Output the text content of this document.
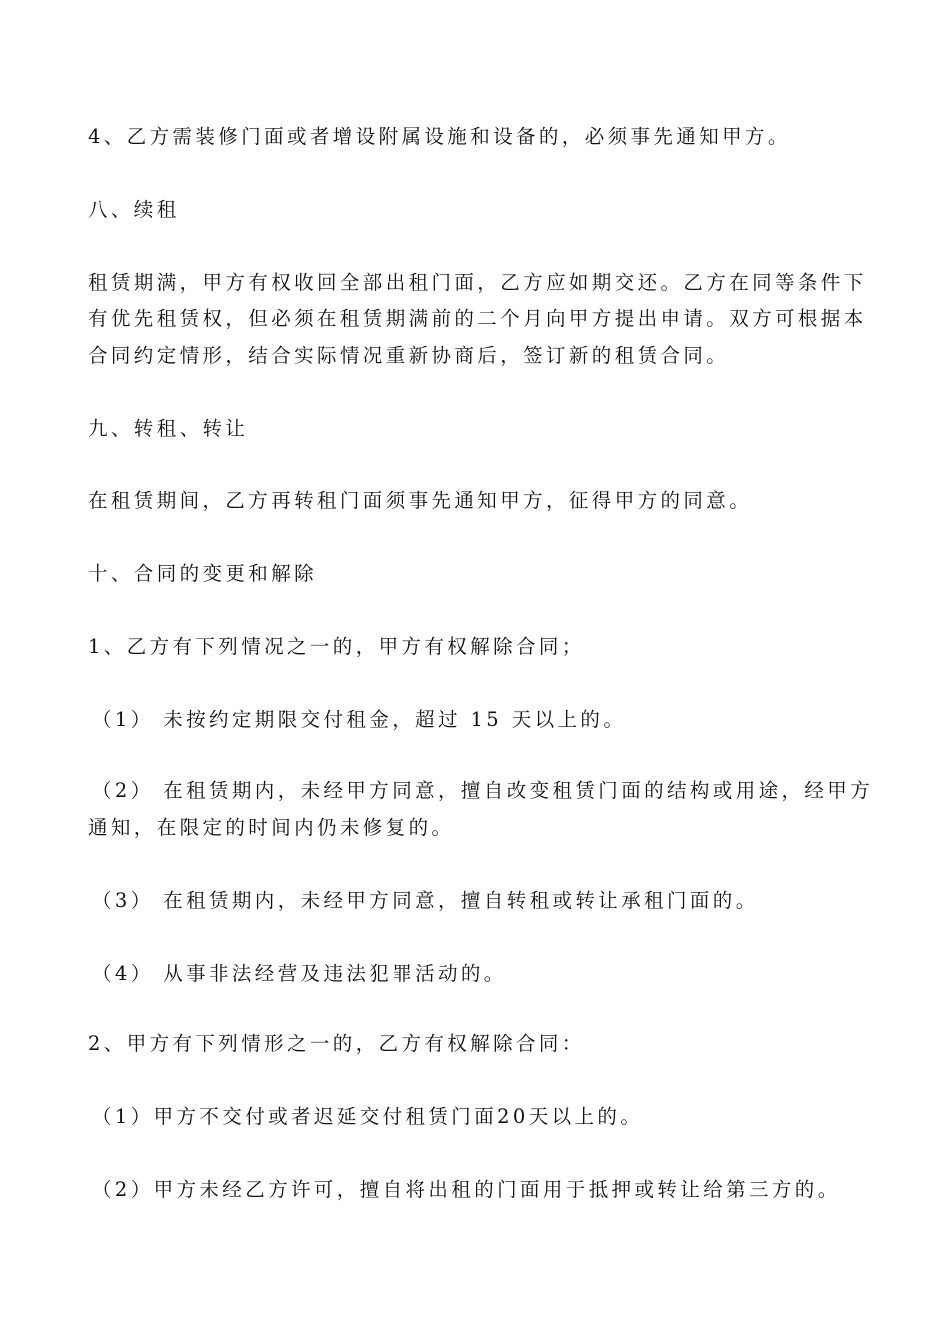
4、乙方需装修门面或者增设附属设施和设备的，必须事先通知甲方。

八、续租

租赁期满，甲方有权收回全部出租门面，乙方应如期交还。乙方在同等条件下

有优先租赁权，但必须在租赁期满前的二个月向甲方提出申请。双方可根据本

合同约定情形，结合实际情况重新协商后，签订新的租赁合同。

九、转租、转让

在租赁期间，乙方再转租门面须事先通知甲方，征得甲方的同意。

十、合同的变更和解除

1、乙方有下列情况之一的，甲方有权解除合同；

（1） 未按约定期限交付租金，超过 15 天以上的。

（2） 在租赁期内，未经甲方同意，擅自改变租赁门面的结构或用途，经甲方

通知，在限定的时间内仍未修复的。

（3） 在租赁期内，未经甲方同意，擅自转租或转让承租门面的。

（4） 从事非法经营及违法犯罪活动的。

2、甲方有下列情形之一的，乙方有权解除合同：

（1）甲方不交付或者迟延交付租赁门面20天以上的。

（2）甲方未经乙方许可，擅自将出租的门面用于抵押或转让给第三方的。
